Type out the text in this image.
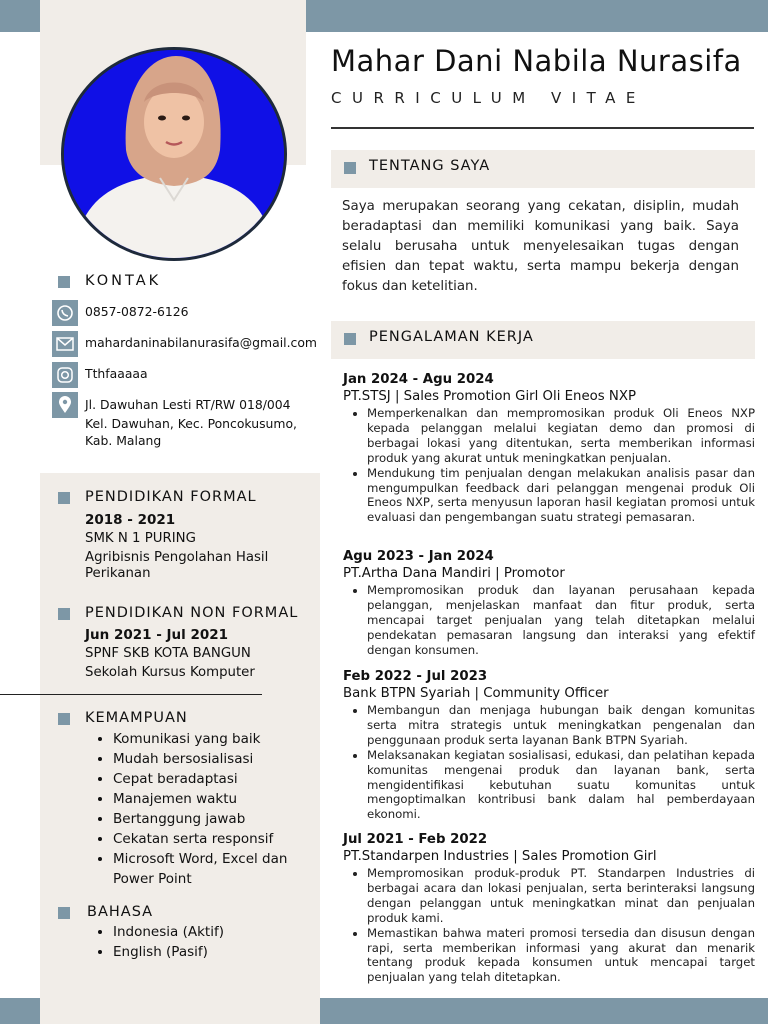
Mahar Dani Nabila Nurasifa
CURRICULUM VITAE
TENTANG SAYA
Saya merupakan seorang yang cekatan, disiplin, mudah beradaptasi dan memiliki komunikasi yang baik. Saya selalu berusaha untuk menyelesaikan tugas dengan efisien dan tepat waktu, serta mampu bekerja dengan fokus dan ketelitian.
PENGALAMAN KERJA
Jan 2024 - Agu 2024
PT.STSJ | Sales Promotion Girl Oli Eneos NXP
• Memperkenalkan dan mempromosikan produk Oli Eneos NXP kepada pelanggan melalui kegiatan demo dan promosi di berbagai lokasi yang ditentukan, serta memberikan informasi produk yang akurat untuk meningkatkan penjualan.
• Mendukung tim penjualan dengan melakukan analisis pasar dan mengumpulkan feedback dari pelanggan mengenai produk Oli Eneos NXP, serta menyusun laporan hasil kegiatan promosi untuk evaluasi dan pengembangan suatu strategi pemasaran.
Agu 2023 - Jan 2024
PT.Artha Dana Mandiri | Promotor
• Mempromosikan produk dan layanan perusahaan kepada pelanggan, menjelaskan manfaat dan fitur produk, serta mencapai target penjualan yang telah ditetapkan melalui pendekatan pemasaran langsung dan interaksi yang efektif dengan konsumen.
Feb 2022 - Jul 2023
Bank BTPN Syariah | Community Officer
• Membangun dan menjaga hubungan baik dengan komunitas serta mitra strategis untuk meningkatkan pengenalan dan penggunaan produk serta layanan Bank BTPN Syariah.
• Melaksanakan kegiatan sosialisasi, edukasi, dan pelatihan kepada komunitas mengenai produk dan layanan bank, serta mengidentifikasi kebutuhan suatu komunitas untuk mengoptimalkan kontribusi bank dalam hal pemberdayaan ekonomi.
Jul 2021 - Feb 2022
PT.Standarpen Industries | Sales Promotion Girl
• Mempromosikan produk-produk PT. Standarpen Industries di berbagai acara dan lokasi penjualan, serta berinteraksi langsung dengan pelanggan untuk meningkatkan minat dan penjualan produk kami.
• Memastikan bahwa materi promosi tersedia dan disusun dengan rapi, serta memberikan informasi yang akurat dan menarik tentang produk kepada konsumen untuk mencapai target penjualan yang telah ditetapkan.
KONTAK
0857-0872-6126
mahardaninabilanurasifa@gmail.com
Tthfaaaaa
Jl. Dawuhan Lesti RT/RW 018/004
Kel. Dawuhan, Kec. Poncokusumo,
Kab. Malang
PENDIDIKAN FORMAL
2018 - 2021
SMK N 1 PURING
Agribisnis Pengolahan Hasil
Perikanan
PENDIDIKAN NON FORMAL
Jun 2021 - Jul 2021
SPNF SKB KOTA BANGUN
Sekolah Kursus Komputer
KEMAMPUAN
• Komunikasi yang baik
• Mudah bersosialisasi
• Cepat beradaptasi
• Manajemen waktu
• Bertanggung jawab
• Cekatan serta responsif
• Microsoft Word, Excel dan Power Point
BAHASA
• Indonesia (Aktif)
• English (Pasif)
